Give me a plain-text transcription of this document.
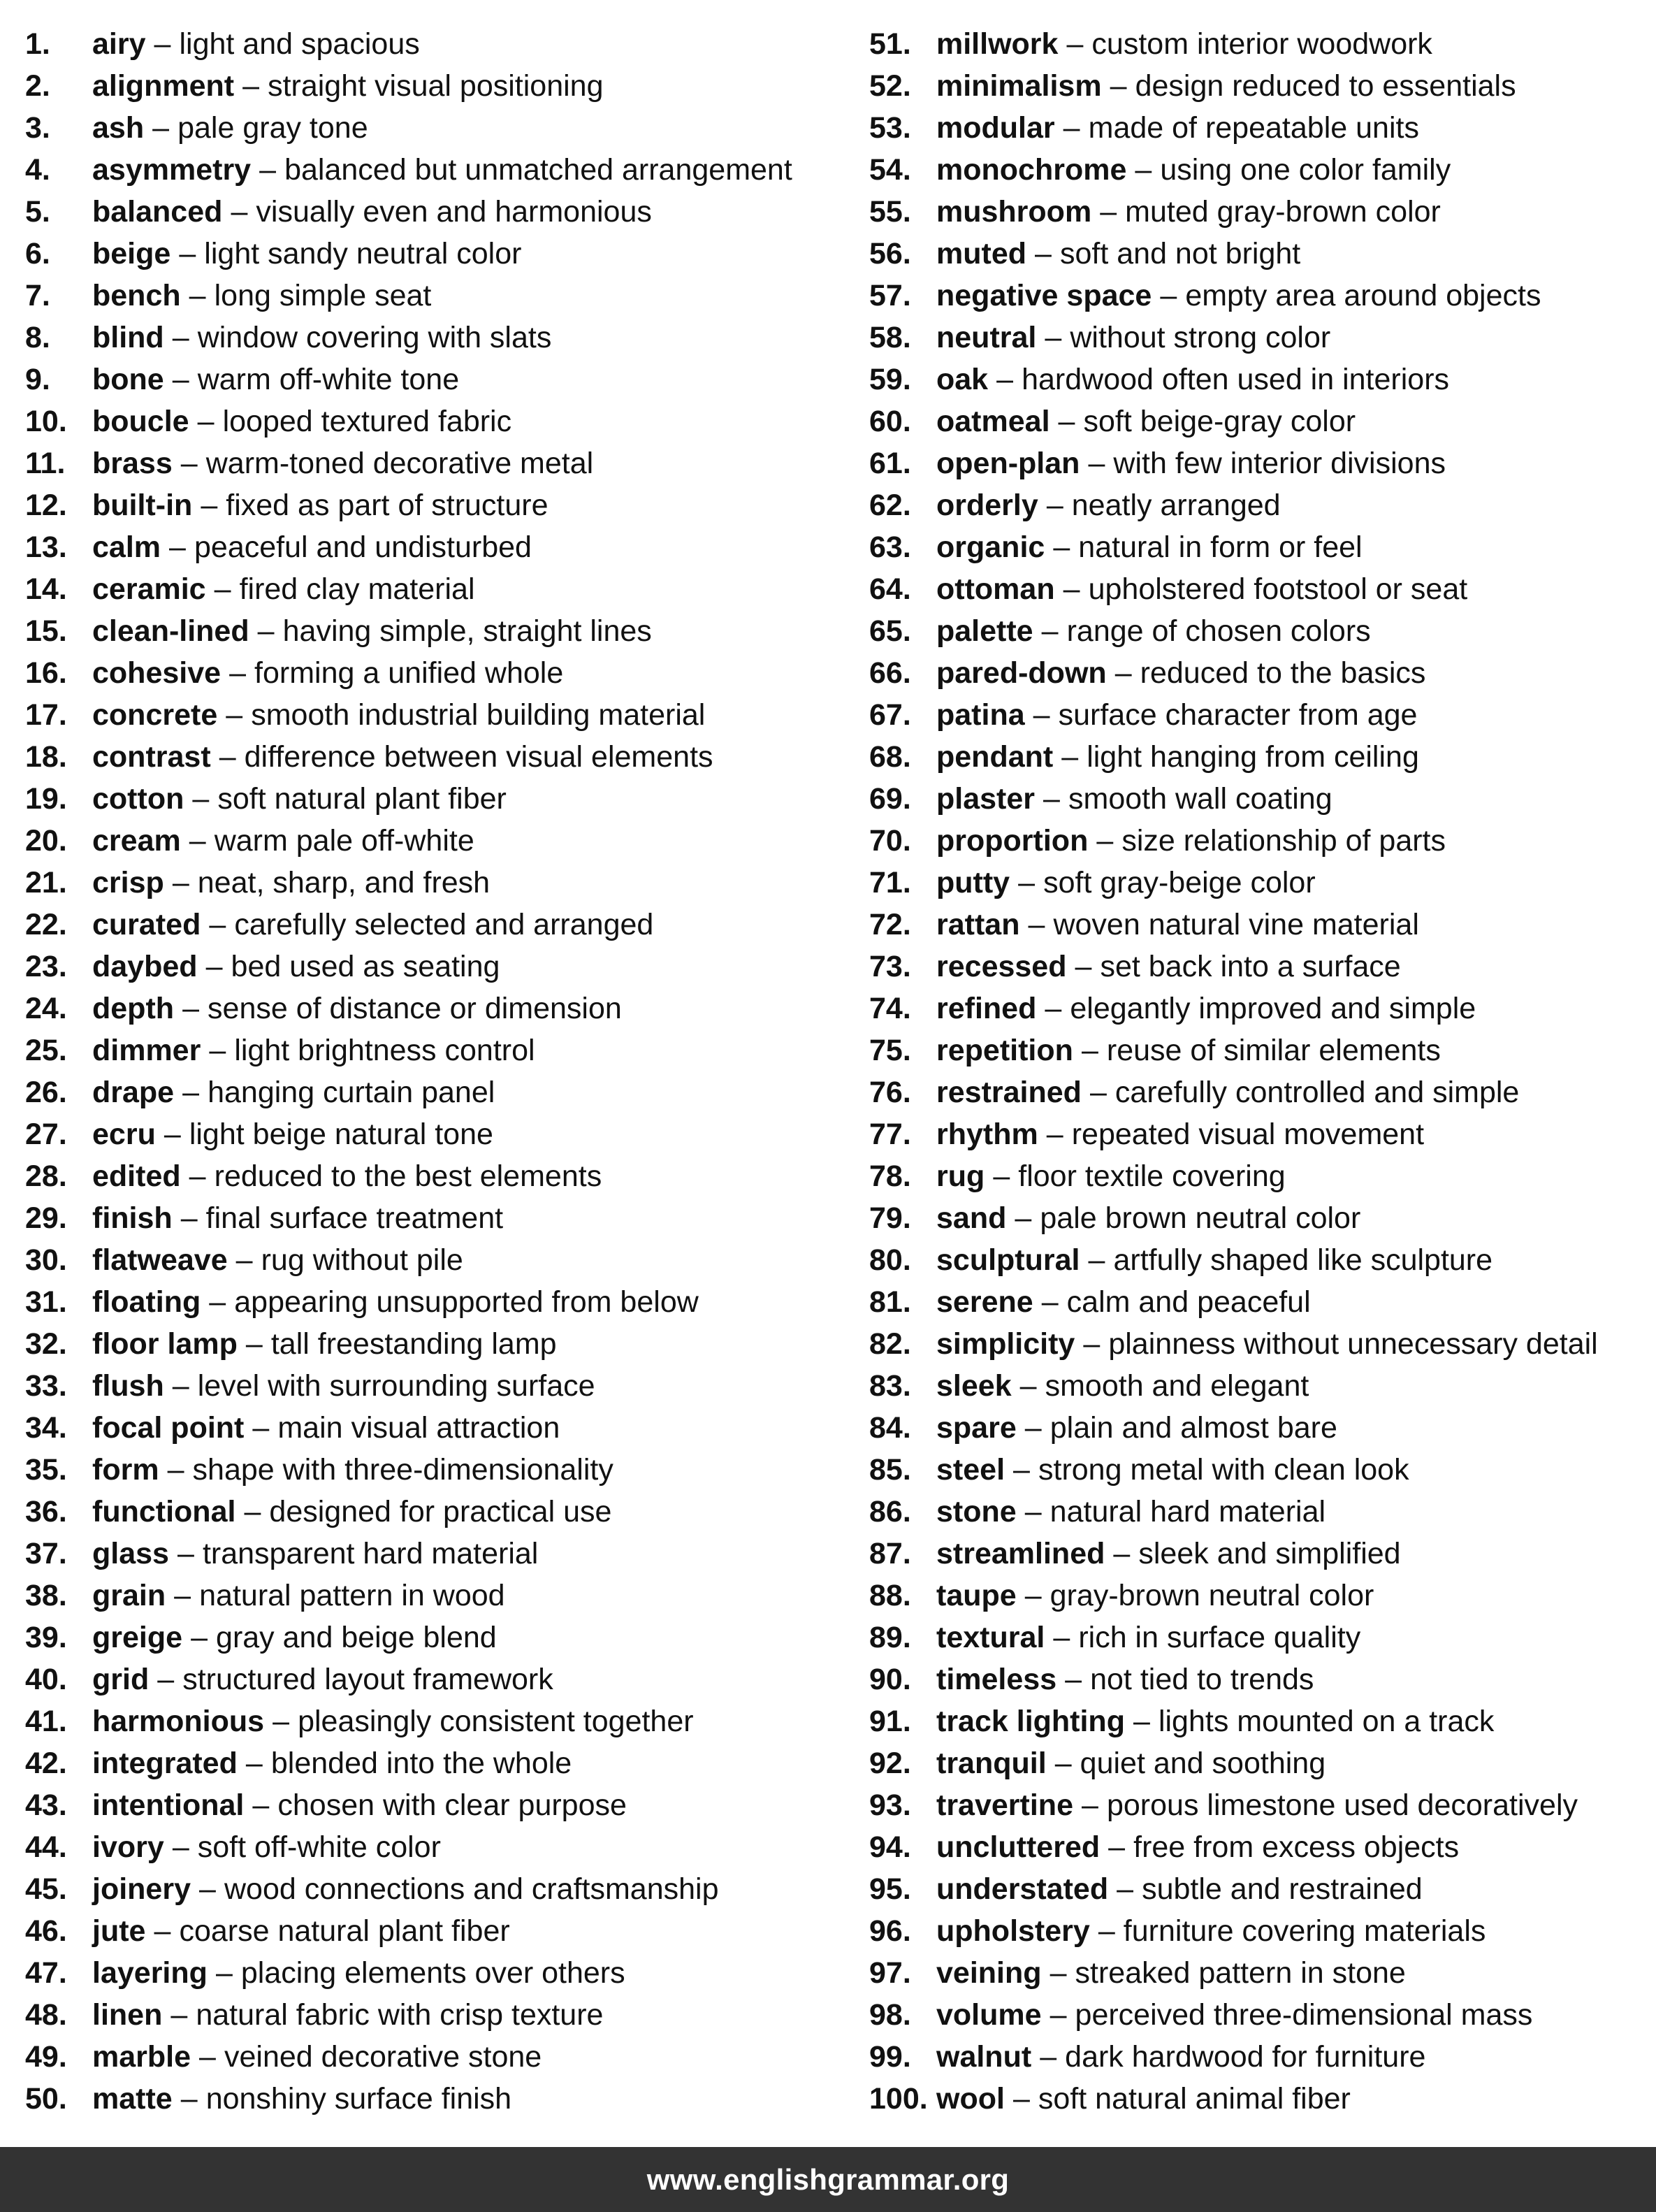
1.	airy – light and spacious
2.	alignment – straight visual positioning
3.	ash – pale gray tone
4.	asymmetry – balanced but unmatched arrangement
5.	balanced – visually even and harmonious
6.	beige – light sandy neutral color
7.	bench – long simple seat
8.	blind – window covering with slats
9.	bone – warm off-white tone
10. boucle – looped textured fabric
11. brass – warm-toned decorative metal
12. built-in – fixed as part of structure
13. calm – peaceful and undisturbed
14. ceramic – fired clay material
15. clean-lined – having simple, straight lines
16. cohesive – forming a unified whole
17. concrete – smooth industrial building material
18. contrast – difference between visual elements
19. cotton – soft natural plant fiber
20. cream – warm pale off-white
21. crisp – neat, sharp, and fresh
22. curated – carefully selected and arranged
23. daybed – bed used as seating
24. depth – sense of distance or dimension
25. dimmer – light brightness control
26. drape – hanging curtain panel
27. ecru – light beige natural tone
28. edited – reduced to the best elements
29. finish – final surface treatment
30. flatweave – rug without pile
31. floating – appearing unsupported from below
32. floor lamp – tall freestanding lamp
33. flush – level with surrounding surface
34. focal point – main visual attraction
35. form – shape with three-dimensionality
36. functional – designed for practical use
37. glass – transparent hard material
38. grain – natural pattern in wood
39. greige – gray and beige blend
40. grid – structured layout framework
41. harmonious – pleasingly consistent together
42. integrated – blended into the whole
43. intentional – chosen with clear purpose
44. ivory – soft off-white color
45. joinery – wood connections and craftsmanship
46. jute – coarse natural plant fiber
47. layering – placing elements over others
48. linen – natural fabric with crisp texture
49. marble – veined decorative stone
50. matte – nonshiny surface finish
51. millwork – custom interior woodwork
52. minimalism – design reduced to essentials
53. modular – made of repeatable units
54. monochrome – using one color family
55. mushroom – muted gray-brown color
56. muted – soft and not bright
57. negative space – empty area around objects
58. neutral – without strong color
59. oak – hardwood often used in interiors
60. oatmeal – soft beige-gray color
61. open-plan – with few interior divisions
62. orderly – neatly arranged
63. organic – natural in form or feel
64. ottoman – upholstered footstool or seat
65. palette – range of chosen colors
66. pared-down – reduced to the basics
67. patina – surface character from age
68. pendant – light hanging from ceiling
69. plaster – smooth wall coating
70. proportion – size relationship of parts
71. putty – soft gray-beige color
72. rattan – woven natural vine material
73. recessed – set back into a surface
74. refined – elegantly improved and simple
75. repetition – reuse of similar elements
76. restrained – carefully controlled and simple
77. rhythm – repeated visual movement
78. rug – floor textile covering
79. sand – pale brown neutral color
80. sculptural – artfully shaped like sculpture
81. serene – calm and peaceful
82. simplicity – plainness without unnecessary detail
83. sleek – smooth and elegant
84. spare – plain and almost bare
85. steel – strong metal with clean look
86. stone – natural hard material
87. streamlined – sleek and simplified
88. taupe – gray-brown neutral color
89. textural – rich in surface quality
90. timeless – not tied to trends
91. track lighting – lights mounted on a track
92. tranquil – quiet and soothing
93. travertine – porous limestone used decoratively
94. uncluttered – free from excess objects
95. understated – subtle and restrained
96. upholstery – furniture covering materials
97. veining – streaked pattern in stone
98. volume – perceived three-dimensional mass
99. walnut – dark hardwood for furniture
100. wool – soft natural animal fiber
www.englishgrammar.org
